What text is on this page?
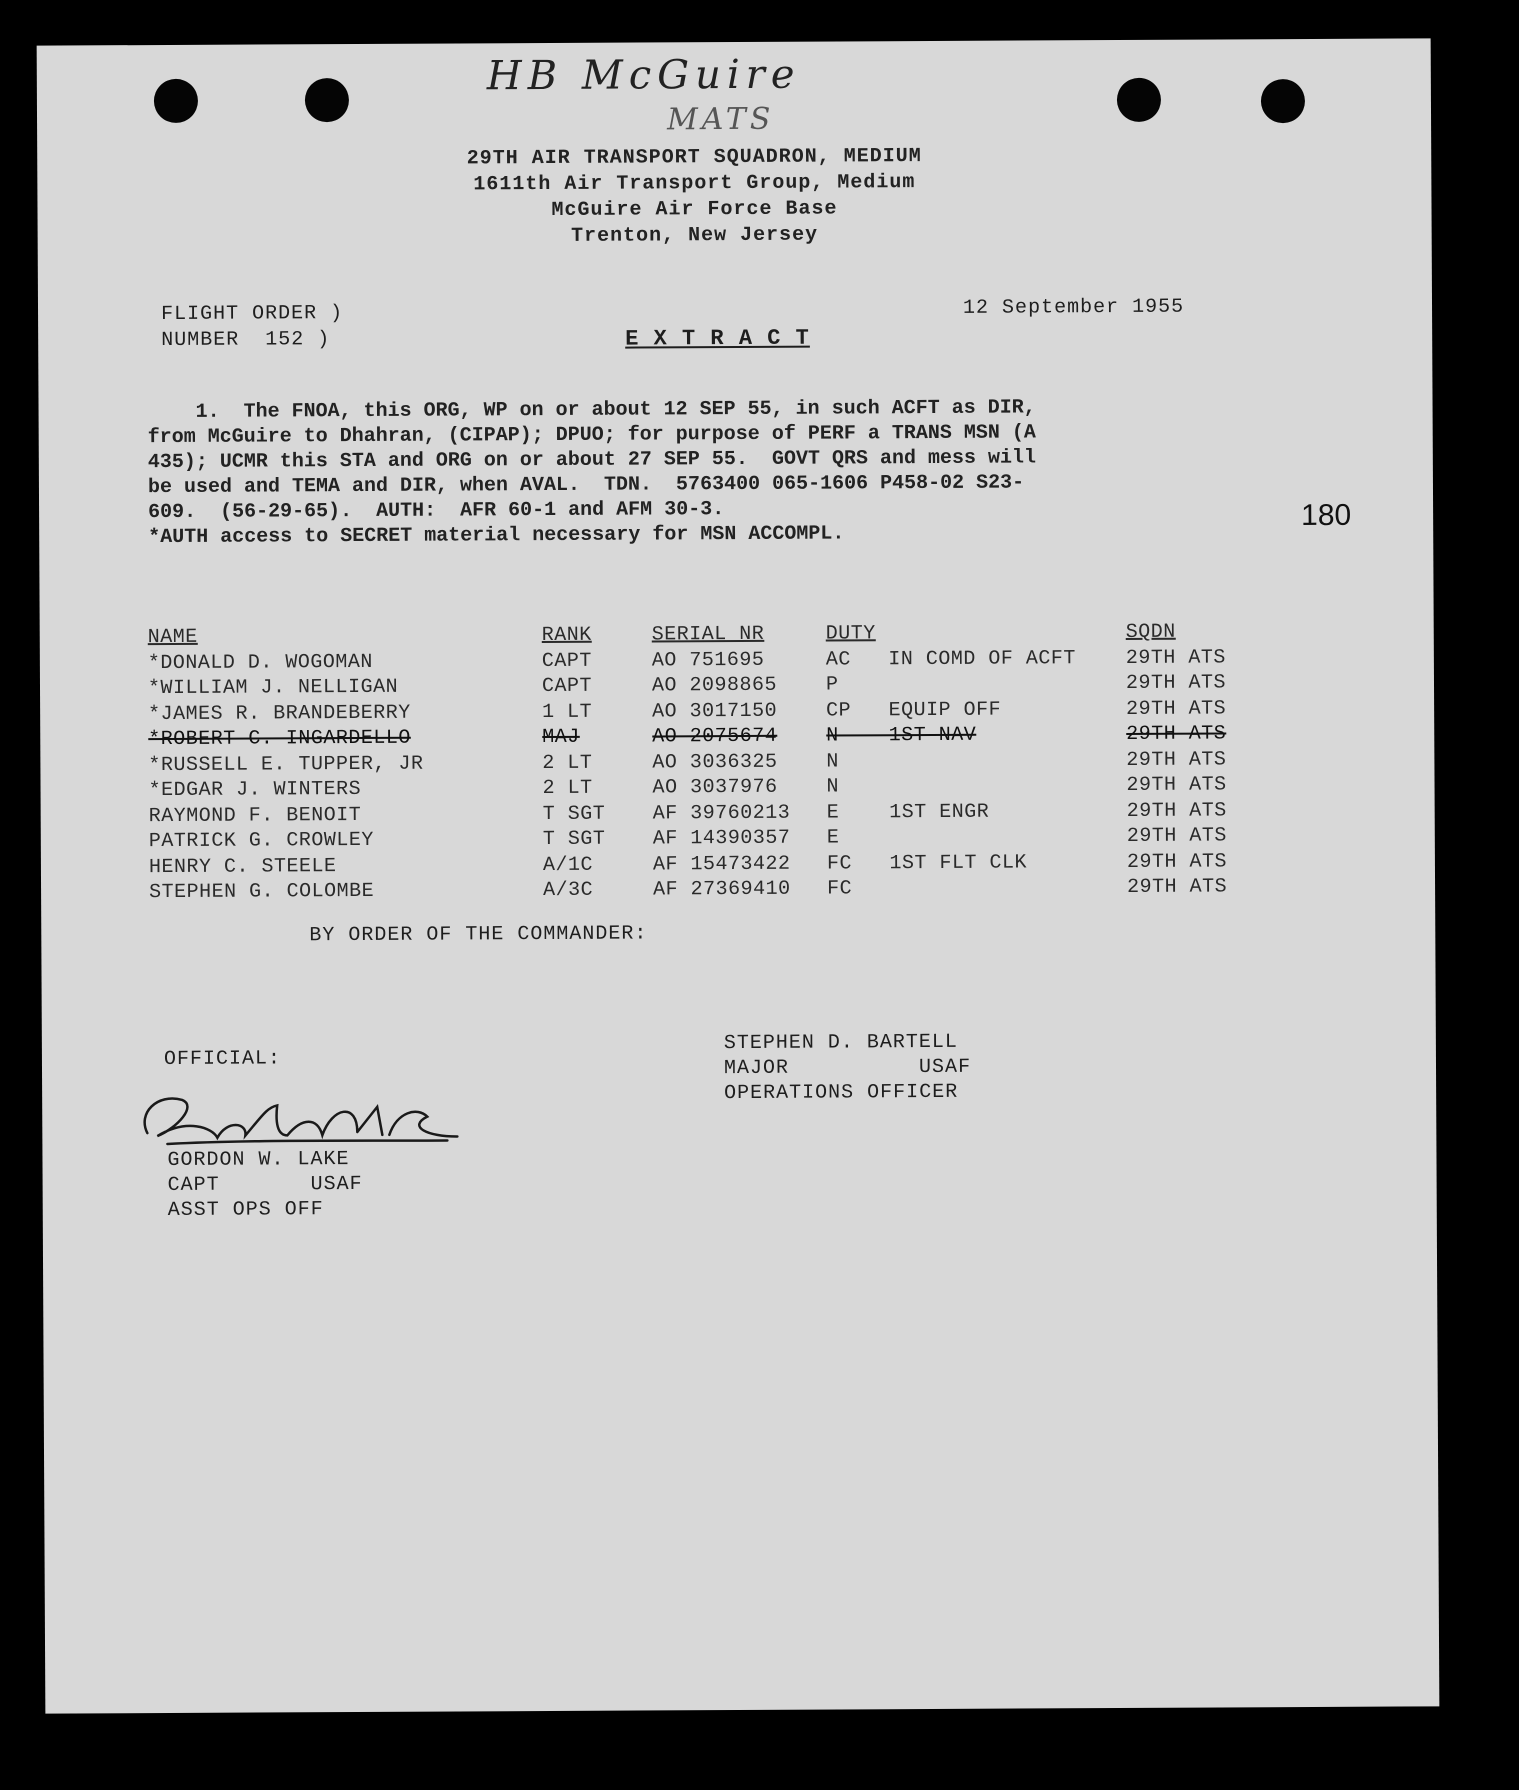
HB McGuire
MATS
29TH AIR TRANSPORT SQUADRON, MEDIUM
1611th Air Transport Group, Medium
McGuire Air Force Base
Trenton, New Jersey
FLIGHT ORDER )
NUMBER  152 )	E X T R A C T
12 September 1955

1.  The FNOA, this ORG, WP on or about 12 SEP 55, in such ACFT as DIR,

from McGuire to Dhahran, (CIPAP); DPUO; for purpose of PERF a TRANS MSN (A

435); UCMR this STA and ORG on or about 27 SEP 55.  GOVT QRS and mess will

be used and TEMA and DIR, when AVAL.  TDN.  5763400 065-1606 P458-02 S23-

609.  (56-29-65).  AUTH:  AFR 60-1 and AFM 30-3.

*AUTH access to SECRET material necessary for MSN ACCOMPL.

180
NAME	RANK	SERIAL NR	DUTY	SQDN
*DONALD D. WOGOMAN	CAPT	AO 751695	AC   IN COMD OF ACFT	29TH ATS
*WILLIAM J. NELLIGAN	CAPT	AO 2098865	P	29TH ATS
*JAMES R. BRANDEBERRY	1 LT	AO 3017150	CP   EQUIP OFF	29TH ATS
*ROBERT C. INGARDELLO	MAJ	AO 2075674	N    1ST NAV	29TH ATS
*RUSSELL E. TUPPER, JR	2 LT	AO 3036325	N	29TH ATS
*EDGAR J. WINTERS	2 LT	AO 3037976	N	29TH ATS
RAYMOND F. BENOIT	T SGT	AF 39760213	E    1ST ENGR	29TH ATS
PATRICK G. CROWLEY	T SGT	AF 14390357	E	29TH ATS
HENRY C. STEELE	A/1C	AF 15473422	FC   1ST FLT CLK	29TH ATS
STEPHEN G. COLOMBE	A/3C	AF 27369410	FC	29TH ATS
BY ORDER OF THE COMMANDER:
OFFICIAL:
STEPHEN D. BARTELL
MAJOR          USAF
OPERATIONS OFFICER
GORDON W. LAKE
CAPT       USAF
ASST OPS OFF
